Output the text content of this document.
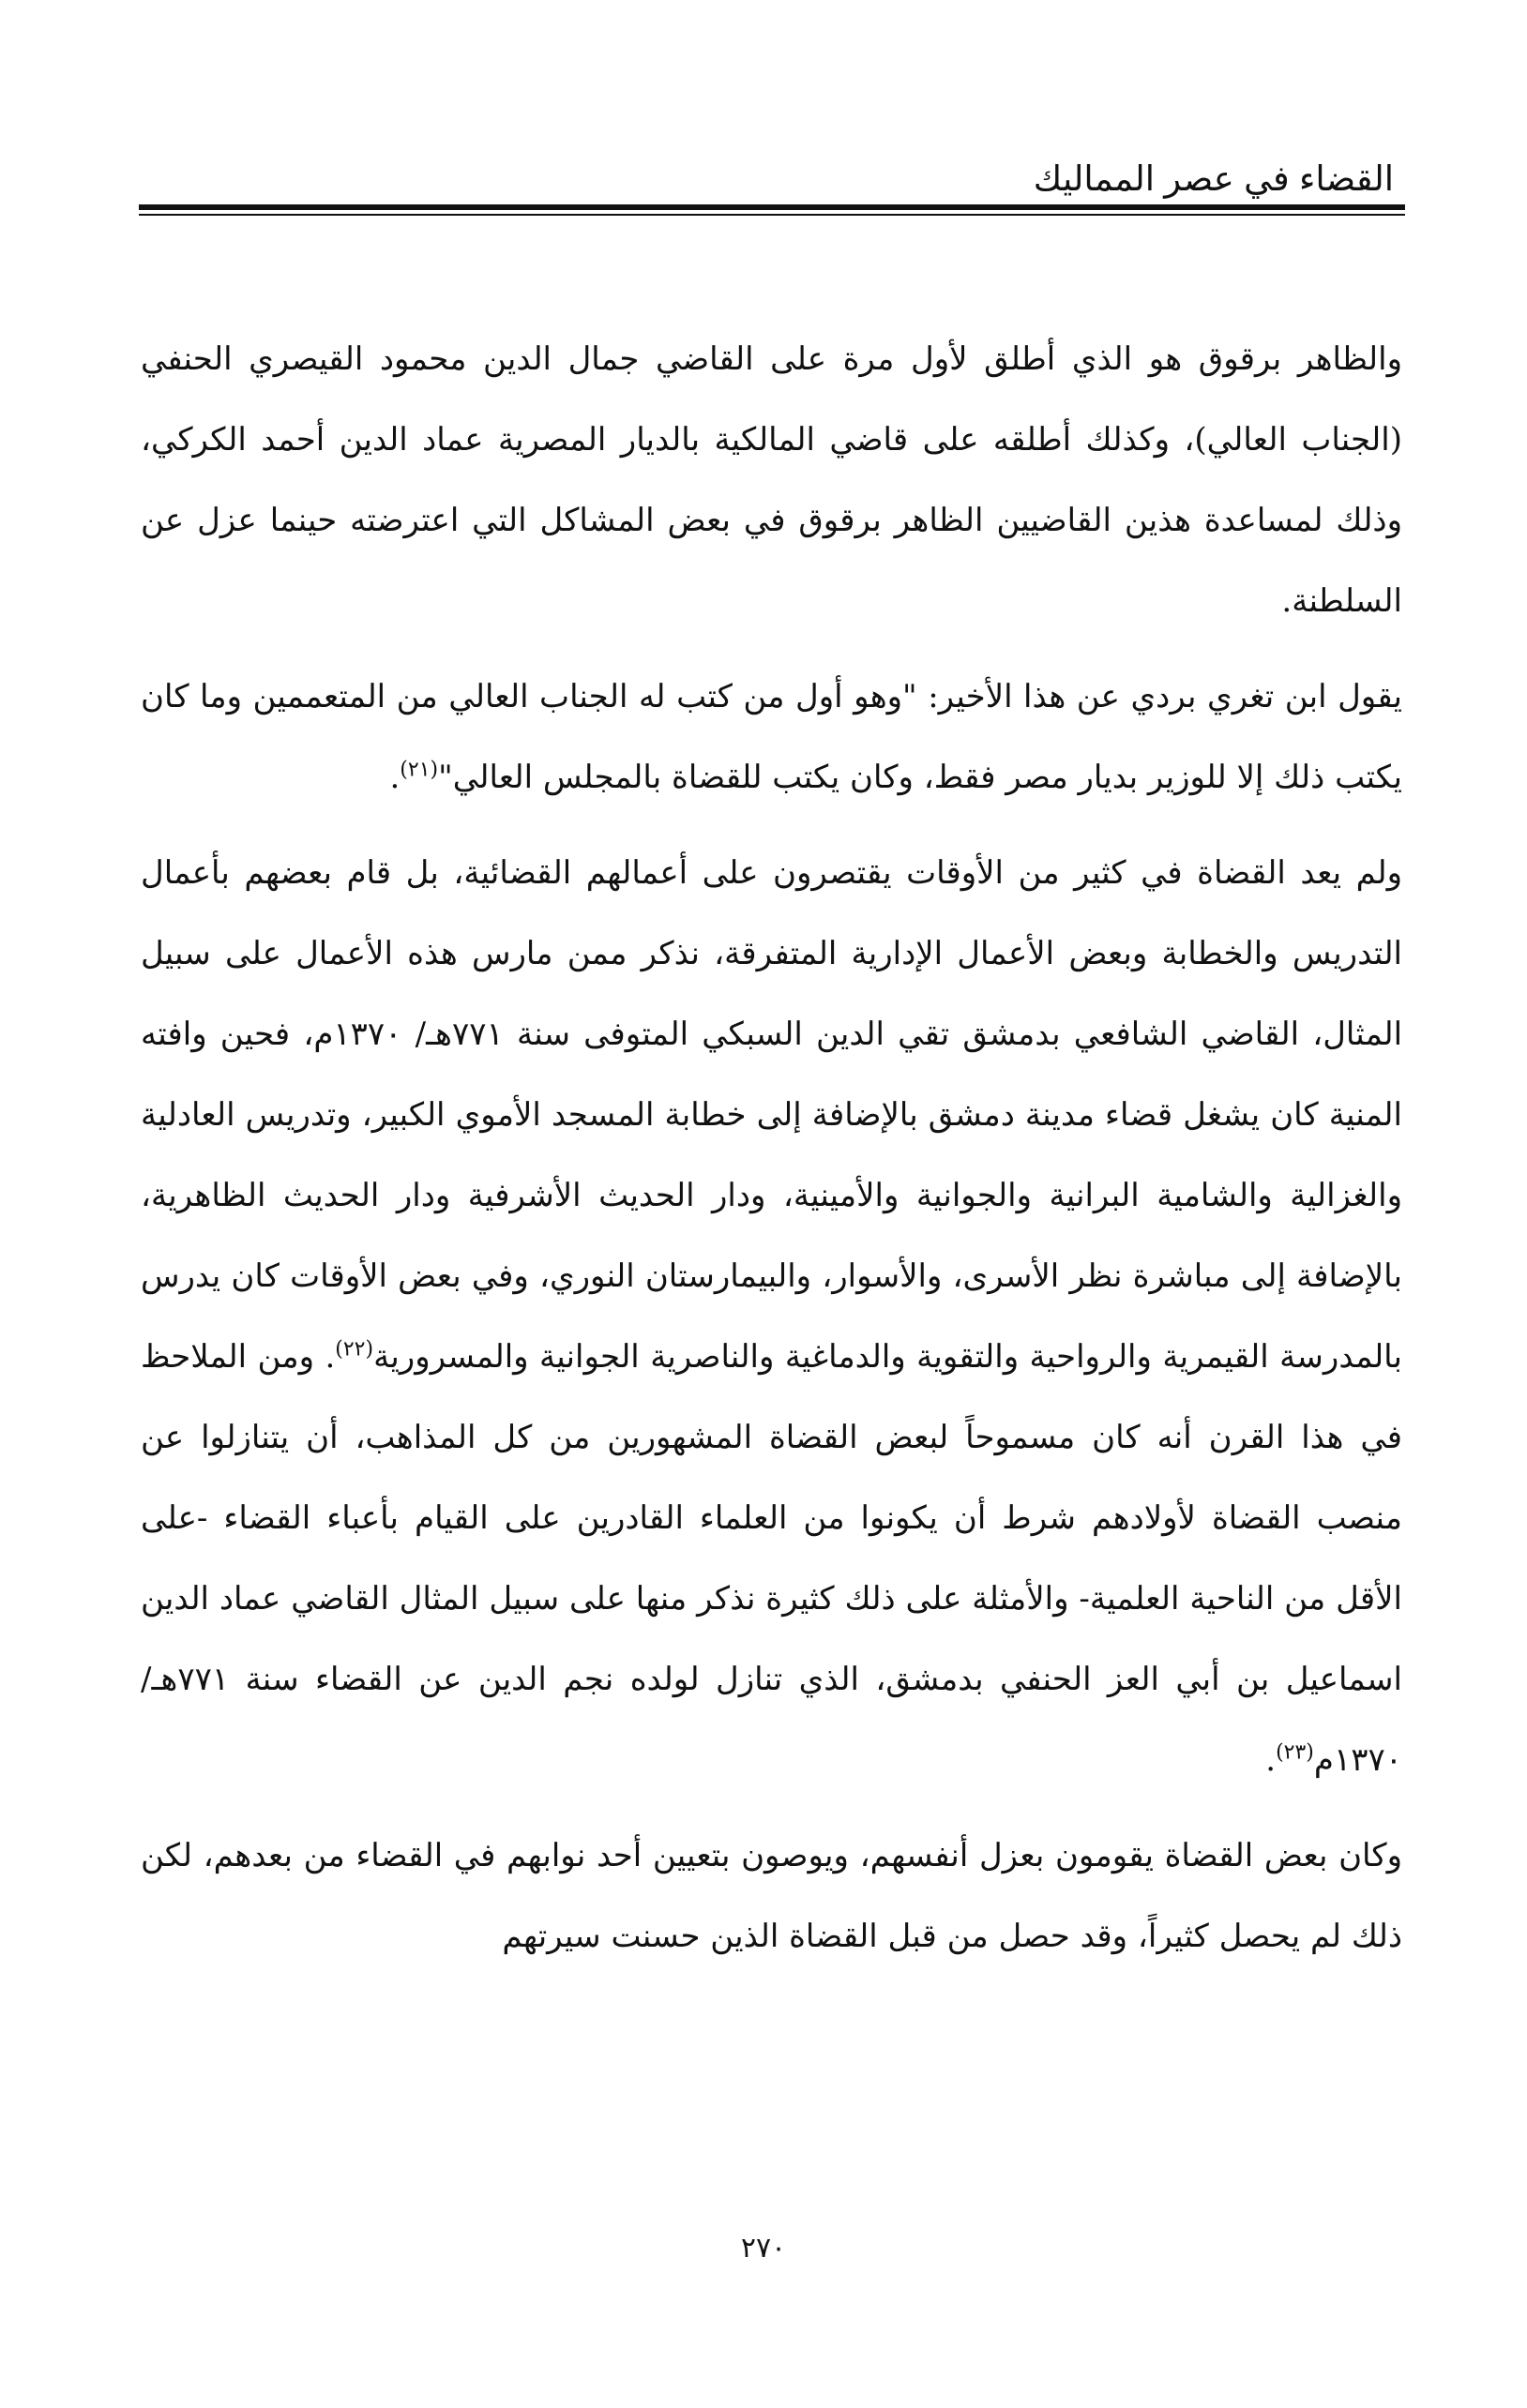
القضاء في عصر المماليك

والظاهر برقوق هو الذي أطلق لأول مرة على القاضي جمال الدين محمود القيصري الحنفي (الجناب العالي)، وكذلك أطلقه على قاضي المالكية بالديار المصرية عماد الدين أحمد الكركي، وذلك لمساعدة هذين القاضيين الظاهر برقوق في بعض المشاكل التي اعترضته حينما عزل عن السلطنة.

يقول ابن تغري بردي عن هذا الأخير: "وهو أول من كتب له الجناب العالي من المتعممين وما كان يكتب ذلك إلا للوزير بديار مصر فقط، وكان يكتب للقضاة بالمجلس العالي"$^{(٢١)}$.

ولم يعد القضاة في كثير من الأوقات يقتصرون على أعمالهم القضائية، بل قام بعضهم بأعمال التدريس والخطابة وبعض الأعمال الإدارية المتفرقة، نذكر ممن مارس هذه الأعمال على سبيل المثال، القاضي الشافعي بدمشق تقي الدين السبكي المتوفى سنة ٧٧١هـ/ ١٣٧٠م، فحين وافته المنية كان يشغل قضاء مدينة دمشق بالإضافة إلى خطابة المسجد الأموي الكبير، وتدريس العادلية والغزالية والشامية البرانية والجوانية والأمينية، ودار الحديث الأشرفية ودار الحديث الظاهرية، بالإضافة إلى مباشرة نظر الأسرى، والأسوار، والبيمارستان النوري، وفي بعض الأوقات كان يدرس بالمدرسة القيمرية والرواحية والتقوية والدماغية والناصرية الجوانية والمسرورية$^{(٢٢)}$. ومن الملاحظ في هذا القرن أنه كان مسموحاً لبعض القضاة المشهورين من كل المذاهب، أن يتنازلوا عن منصب القضاة لأولادهم شرط أن يكونوا من العلماء القادرين على القيام بأعباء القضاء -على الأقل من الناحية العلمية- والأمثلة على ذلك كثيرة نذكر منها على سبيل المثال القاضي عماد الدين اسماعيل بن أبي العز الحنفي بدمشق، الذي تنازل لولده نجم الدين عن القضاء سنة ٧٧١هـ/ ١٣٧٠م$^{(٢٣)}$.

وكان بعض القضاة يقومون بعزل أنفسهم، ويوصون بتعيين أحد نوابهم في القضاء من بعدهم، لكن ذلك لم يحصل كثيراً، وقد حصل من قبل القضاة الذين حسنت سيرتهم

٢٧٠
